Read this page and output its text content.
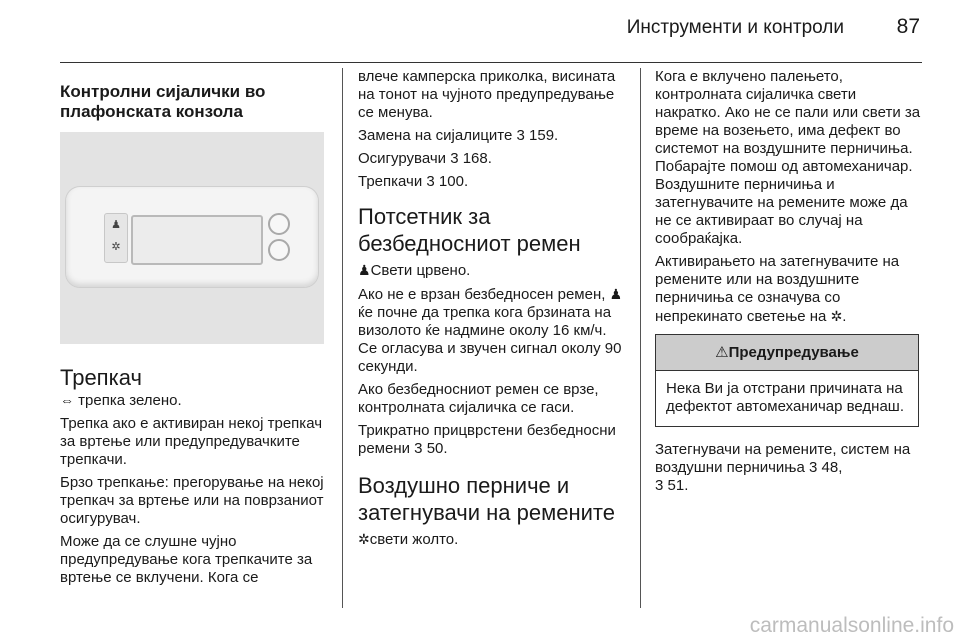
Инструменти и контроли	87
Контролни сијалички во плафонската конзола
♟
✲
Трепкач

⇔ трепка зелено.

Трепка ако е активиран некој трепкач за вртење или предупредувачките трепкачи.

Брзо трепкање: прегорување на некој трепкач за вртење или на поврзаниот осигурувач.

Може да се слушне чујно предупредување кога трепкачите за вртење се вклучени. Кога се

влече камперска приколка, висината на тонот на чујното предупредување се менува.

Замена на сијалиците 3 159.

Осигурувачи 3 168.

Трепкачи 3 100.

Потсетник за безбедносниот ремен

♟Свети црвено.

Ако не е врзан безбедносен ремен, ♟ ќе почне да трепка кога брзината на визолото ќе надмине околу 16 км/ч. Се огласува и звучен сигнал околу 90 секунди.

Ако безбедносниот ремен се врзе, контролната сијаличка се гаси.

Трикратно прицврстени безбедносни ремени 3 50.

Воздушно перниче и затегнувачи на ремените

✲свети жолто.

Кога е вклучено палењето, контролната сијаличка свети накратко. Ако не се пали или свети за време на возењето, има дефект во системот на воздушните перничиња. Побарајте помош од автомеханичар. Воздушните перничиња и затегнувачите на ремените може да не се активираат во случај на сообраќајка.

Активирањето на затегнувачите на ремените или на воздушните перничиња се означува со непрекинато светење на ✲.

⚠Предупредување
Нека Ви ја отстрани причината на дефектот автомеханичар веднаш.

Затегнувачи на ремените, систем на воздушни перничиња 3 48,
3 51.

carmanualsonline.info
